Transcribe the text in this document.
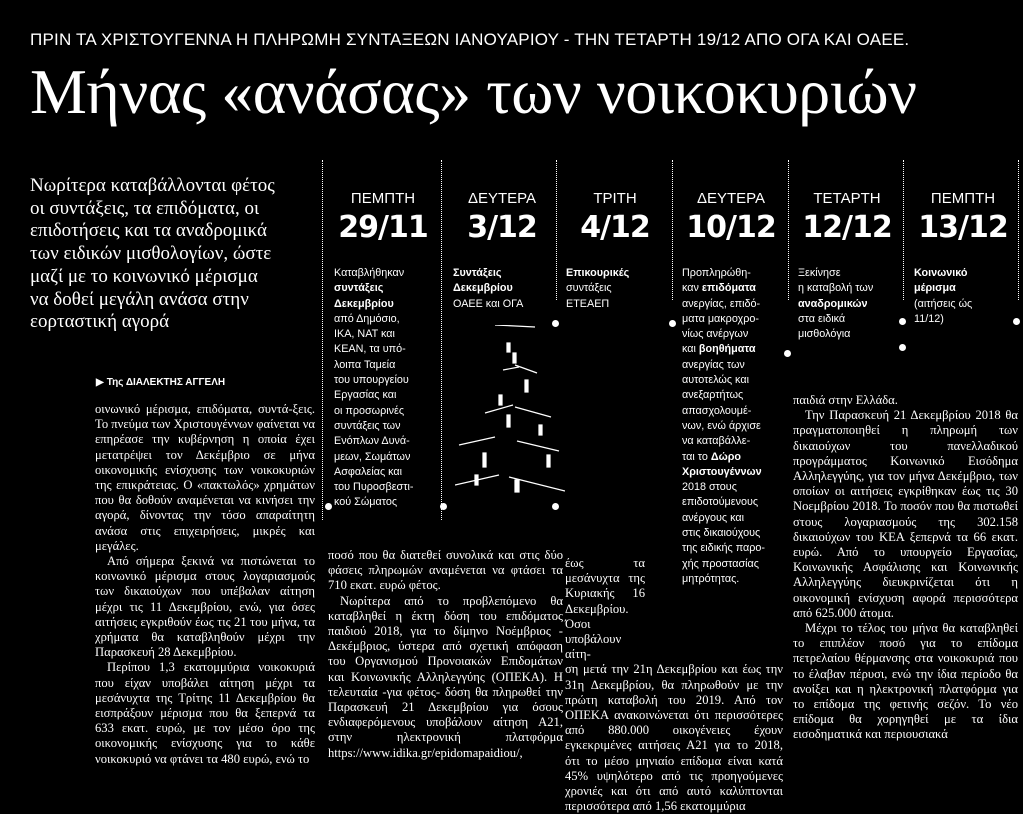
ΠΡΙΝ ΤΑ ΧΡΙΣΤΟΥΓΕΝΝΑ Η ΠΛΗΡΩΜΗ ΣΥΝΤΑΞΕΩΝ ΙΑΝΟΥΑΡΙΟΥ - ΤΗΝ ΤΕΤΑΡΤΗ 19/12 ΑΠΟ ΟΓΑ ΚΑΙ ΟΑΕΕ.
Μήνας «ανάσας» των νοικοκυριών
Νωρίτερα καταβάλλονται φέτος οι συντάξεις, τα επιδόματα, οι επιδοτήσεις και τα αναδρομικά των ειδικών μισθολογίων, ώστε μαζί με το κοινωνικό μέρισμα να δοθεί μεγάλη ανάσα στην εορταστική αγορά
▶ Της ΔΙΑΛΕΚΤΗΣ ΑΓΓΕΛΗ
ΠΕΜΠΤΗ
29/11
Καταβλήθηκαν
συντάξεις
Δεκεμβρίου
από Δημόσιο,
ΙΚΑ, ΝΑΤ και
ΚΕΑΝ, τα υπό-
λοιπα Ταμεία
του υπουργείου
Εργασίας και
οι προσωρινές
συντάξεις των
Ενόπλων Δυνά-
μεων, Σωμάτων
Ασφαλείας και
του Πυροσβεστι-
κού Σώματος
ΔΕΥΤΕΡΑ
3/12
Συντάξεις
Δεκεμβρίου
ΟΑΕΕ και ΟΓΑ
ΤΡΙΤΗ
4/12
Επικουρικές
συντάξεις
ΕΤΕΑΕΠ
ΔΕΥΤΕΡΑ
10/12
Προπληρώθη-
καν επιδόματα
ανεργίας, επιδό-
ματα μακροχρο-
νίως ανέργων
και βοηθήματα
ανεργίας των
αυτοτελώς και
ανεξαρτήτως
απασχολουμέ-
νων, ενώ άρχισε
να καταβάλλε-
ται το Δώρο
Χριστουγέννων
2018 στους
επιδοτούμενους
ανέργους και
στις δικαιούχους
της ειδικής παρο-
χής προστασίας
μητρότητας.
ΤΕΤΑΡΤΗ
12/12
Ξεκίνησε
η καταβολή των
αναδρομικών
στα ειδικά
μισθολόγια
ΠΕΜΠΤΗ
13/12
Κοινωνικό
μέρισμα
(αιτήσεις ώς
11/12)

οινωνικό μέρισμα, επιδόματα, συντά-ξεις. Το πνεύμα των Χριστουγέννων φαίνεται να επηρέασε την κυβέρνηση η οποία έχει μετατρέψει τον Δεκέμβριο σε μήνα οικονομικής ενίσχυσης των νοικοκυριών της επικράτειας. Ο «πακτωλός» χρημάτων που θα δοθούν αναμένεται να κινήσει την αγορά, δίνοντας την τόσο απαραίτητη ανάσα στις επιχειρήσεις, μικρές και μεγάλες.

Από σήμερα ξεκινά να πιστώνεται το κοινωνικό μέρισμα στους λογαριασμούς των δικαιούχων που υπέβαλαν αίτηση μέχρι τις 11 Δεκεμβρίου, ενώ, για όσες αιτήσεις εγκριθούν έως τις 21 του μήνα, τα χρήματα θα καταβληθούν μέχρι την Παρασκευή 28 Δεκεμβρίου.

Περίπου 1,3 εκατομμύρια νοικοκυριά που είχαν υποβάλει αίτηση μέχρι τα μεσάνυχτα της Τρίτης 11 Δεκεμβρίου θα εισπράξουν μέρισμα που θα ξεπερνά τα 633 εκατ. ευρώ, με τον μέσο όρο της οικονομικής ενίσχυσης για το κάθε νοικοκυριό να φτάνει τα 480 ευρώ, ενώ το

ποσό που θα διατεθεί συνολικά και στις δύο φάσεις πληρωμών αναμένεται να φτάσει τα 710 εκατ. ευρώ φέτος.

Νωρίτερα από το προβλεπόμενο θα καταβληθεί η έκτη δόση του επιδόματος παιδιού 2018, για το δίμηνο Νοέμβριος - Δεκέμβριος, ύστερα από σχετική απόφαση του Οργανισμού Προνοιακών Επιδομάτων και Κοινωνικής Αλληλεγγύης (ΟΠΕΚΑ). Η τελευταία -για φέτος- δόση θα πληρωθεί την Παρασκευή 21 Δεκεμβρίου για όσους ενδιαφερόμενους υποβάλουν αίτηση Α21, στην ηλεκτρονική πλατφόρμα https://www.idika.gr/epidomapaidiou/,

έως τα μεσάνυχτα της Κυριακής 16 Δεκεμβρίου. Όσοι υποβάλουν αίτη-

ση μετά την 21η Δεκεμβρίου και έως την 31η Δεκεμβρίου, θα πληρωθούν με την πρώτη καταβολή του 2019. Από τον ΟΠΕΚΑ ανακοινώνεται ότι περισσότερες από 880.000 οικογένειες έχουν εγκεκριμένες αιτήσεις Α21 για το 2018, ότι το μέσο μηνιαίο επίδομα είναι κατά 45% υψηλότερο από τις προηγούμενες χρονιές και ότι από αυτό καλύπτονται περισσότερα από 1,56 εκατομμύρια

παιδιά στην Ελλάδα.

Την Παρασκευή 21 Δεκεμβρίου 2018 θα πραγματοποιηθεί η πληρωμή των δικαιούχων του πανελλαδικού προγράμματος Κοινωνικό Εισόδημα Αλληλεγγύης, για τον μήνα Δεκέμβριο, των οποίων οι αιτήσεις εγκρίθηκαν έως τις 30 Νοεμβρίου 2018. Το ποσόν που θα πιστωθεί στους λογαριασμούς της 302.158 δικαιούχων του ΚΕΑ ξεπερνά τα 66 εκατ. ευρώ. Από το υπουργείο Εργασίας, Κοινωνικής Ασφάλισης και Κοινωνικής Αλληλεγγύης διευκρινίζεται ότι η οικονομική ενίσχυση αφορά περισσότερα από 625.000 άτομα.

Μέχρι το τέλος του μήνα θα καταβληθεί το επιπλέον ποσό για το επίδομα πετρελαίου θέρμανσης στα νοικοκυριά που το έλαβαν πέρυσι, ενώ την ίδια περίοδο θα ανοίξει και η ηλεκτρονική πλατφόρμα για το επίδομα της φετινής σεζόν. Το νέο επίδομα θα χορηγηθεί με τα ίδια εισοδηματικά και περιουσιακά
